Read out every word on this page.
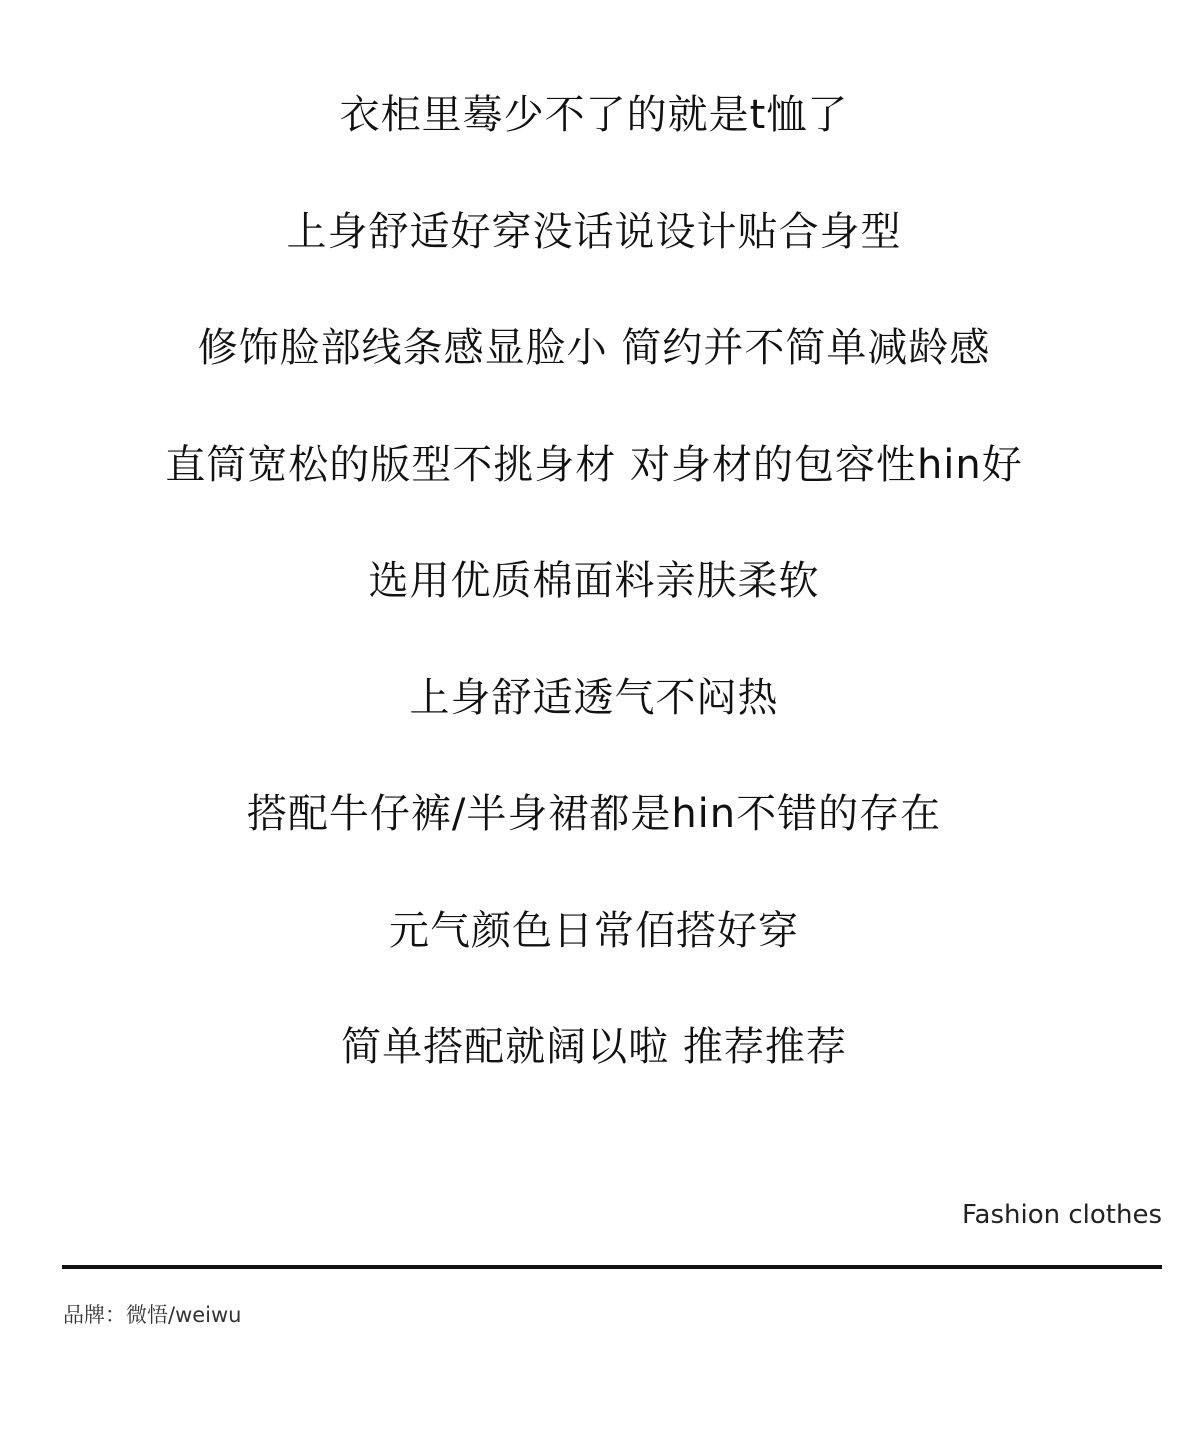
衣柜里蓦少不了的就是t恤了
上身舒适好穿没话说设计贴合身型
修饰脸部线条感显脸小 简约并不简单减龄感
直筒宽松的版型不挑身材 对身材的包容性hin好
选用优质棉面料亲肤柔软
上身舒适透气不闷热
搭配牛仔裤/半身裙都是hin不错的存在
元气颜色日常佰搭好穿
简单搭配就阔以啦 推荐推荐
Fashion clothes
品牌：微悟/weiwu
